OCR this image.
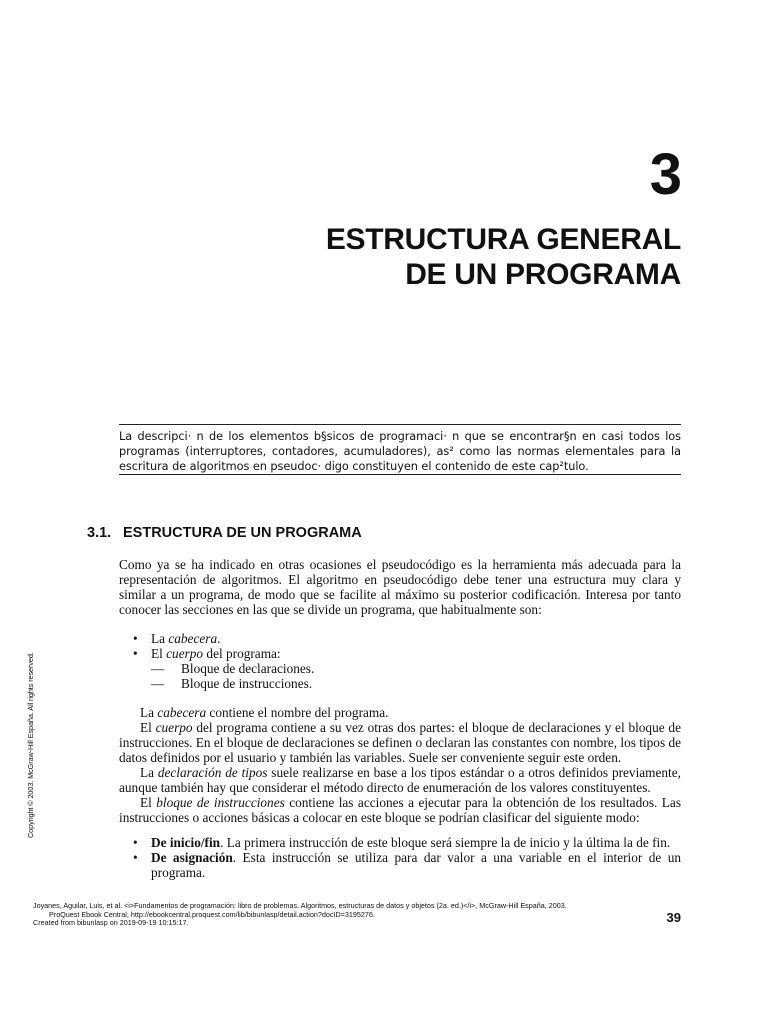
3
ESTRUCTURA GENERAL
DE UN PROGRAMA
La descripci· n de los elementos b§sicos de programaci· n que se encontrar§n en casi todos los programas (interruptores, contadores, acumuladores), as² como las normas elementales para la escritura de algoritmos en pseudoc· digo constituyen el contenido de este cap²tulo.
3.1. ESTRUCTURA DE UN PROGRAMA

Como ya se ha indicado en otras ocasiones el pseudocódigo es la herramienta más adecuada para la representación de algoritmos. El algoritmo en pseudocódigo debe tener una estructura muy clara y similar a un programa, de modo que se facilite al máximo su posterior codificación. Interesa por tanto conocer las secciones en las que se divide un programa, que habitualmente son:

• La cabecera.
• El cuerpo del programa:
— Bloque de declaraciones.
— Bloque de instrucciones.

La cabecera contiene el nombre del programa.

El cuerpo del programa contiene a su vez otras dos partes: el bloque de declaraciones y el bloque de instrucciones. En el bloque de declaraciones se definen o declaran las constantes con nombre, los tipos de datos definidos por el usuario y también las variables. Suele ser conveniente seguir este orden.

La declaración de tipos suele realizarse en base a los tipos estándar o a otros definidos previamente, aunque también hay que considerar el método directo de enumeración de los valores constituyentes.

El bloque de instrucciones contiene las acciones a ejecutar para la obtención de los resultados. Las instrucciones o acciones básicas a colocar en este bloque se podrían clasificar del siguiente modo:

• De inicio/fin. La primera instrucción de este bloque será siempre la de inicio y la última la de fin.
• De asignación. Esta instrucción se utiliza para dar valor a una variable en el interior de un programa.
Copyright © 2003. McGraw-Hill España. All rights reserved.
Joyanes, Aguilar, Luis, et al. <i>Fundamentos de programación: libro de problemas. Algoritmos, estructuras de datos y objetos (2a. ed.)</i>, McGraw-Hill España, 2003.
ProQuest Ebook Central, http://ebookcentral.proquest.com/lib/bibunlasp/detail.action?docID=3195276.
Created from bibunlasp on 2019-09-19 10:15:17.	39
